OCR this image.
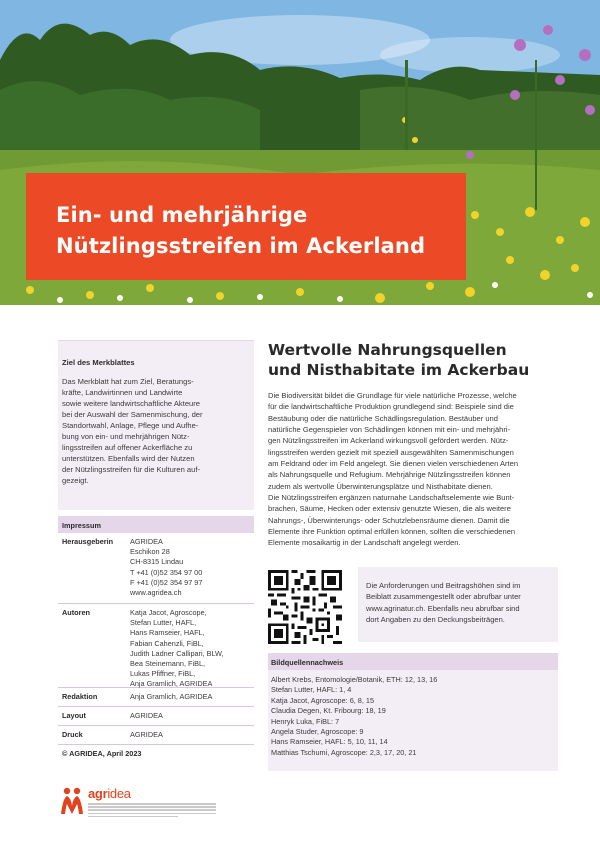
Ein- und mehrjährige
Nützlingsstreifen im Ackerland
Ziel des Merkblattes

Das Merkblatt hat zum Ziel, Beratungs-
kräfte, Landwirtinnen und Landwirte
sowie weitere landwirtschaftliche Akteure
bei der Auswahl der Samenmischung, der
Standortwahl, Anlage, Pflege und Aufhe-
bung von ein- und mehrjährigen Nütz-
lingsstreifen auf offener Ackerfläche zu
unterstützen. Ebenfalls wird der Nutzen
der Nützlingsstreifen für die Kulturen auf-
gezeigt.

Impressum
Herausgeberin	AGRIDEA
Eschikon 28
CH-8315 Lindau
T +41 (0)52 354 97 00
F +41 (0)52 354 97 97
www.agridea.ch
Autoren	Katja Jacot, Agroscope,
Stefan Lutter, HAFL,
Hans Ramseier, HAFL,
Fabian Cahenzli, FiBL,
Judith Ladner Callipari, BLW,
Bea Steinemann, FiBL,
Lukas Pfiffner, FiBL,
Anja Gramlich, AGRIDEA
Redaktion	Anja Gramlich, AGRIDEA
Layout	AGRIDEA
Druck	AGRIDEA
© AGRIDEA, April 2023
agridea
Wertvolle Nahrungsquellen
und Nisthabitate im Ackerbau
Die Biodiversität bildet die Grundlage für viele natürliche Prozesse, welche
für die landwirtschaftliche Produktion grundlegend sind: Beispiele sind die
Bestäubung oder die natürliche Schädlingsregulation. Bestäuber und
natürliche Gegenspieler von Schädlingen können mit ein- und mehrjähri-
gen Nützlingsstreifen im Ackerland wirkungsvoll gefördert werden. Nütz-
lingsstreifen werden gezielt mit speziell ausgewählten Samenmischungen
am Feldrand oder im Feld angelegt. Sie dienen vielen verschiedenen Arten
als Nahrungsquelle und Refugium. Mehrjährige Nützlingsstreifen können
zudem als wertvolle Überwinterungsplätze und Nisthabitate dienen.
Die Nützlingsstreifen ergänzen naturnahe Landschaftselemente wie Bunt-
brachen, Säume, Hecken oder extensiv genutzte Wiesen, die als weitere
Nahrungs-, Überwinterungs- oder Schutzlebensräume dienen. Damit die
Elemente ihre Funktion optimal erfüllen können, sollten die verschiedenen
Elemente mosaikartig in der Landschaft angelegt werden.
Die Anforderungen und Beitragshöhen sind im
Beiblatt zusammengestellt oder abrufbar unter
www.agrinatur.ch. Ebenfalls neu abrufbar sind
dort Angaben zu den Deckungsbeiträgen.
Bildquellennachweis
Albert Krebs, Entomologie/Botanik, ETH: 12, 13, 16
Stefan Lutter, HAFL: 1, 4
Katja Jacot, Agroscope: 6, 8, 15
Claudia Degen, Kt. Fribourg: 18, 19
Henryk Luka, FiBL: 7
Angela Studer, Agroscope: 9
Hans Ramseier, HAFL: 5, 10, 11, 14
Matthias Tschumi, Agroscope: 2,3, 17, 20, 21
